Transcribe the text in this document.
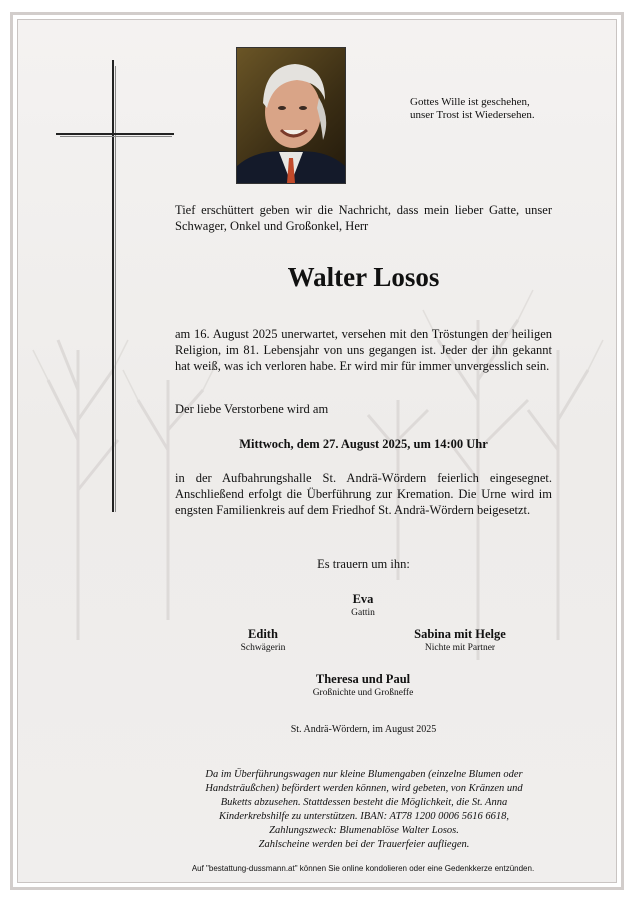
Gottes Wille ist geschehen,
unser Trost ist Wiedersehen.
Tief erschüttert geben wir die Nachricht, dass mein lieber Gatte, unser Schwager, Onkel und Großonkel, Herr
Walter Losos
am 16. August 2025 unerwartet, versehen mit den Tröstungen der heiligen Religion, im 81. Lebensjahr von uns gegangen ist. Jeder der ihn gekannt hat weiß, was ich verloren habe. Er wird mir für immer unvergesslich sein.
Der liebe Verstorbene wird am
Mittwoch, dem 27. August 2025, um 14:00 Uhr
in der Aufbahrungshalle St. Andrä-Wördern feierlich eingesegnet. Anschließend erfolgt die Überführung zur Kremation. Die Urne wird im engsten Familienkreis auf dem Friedhof St. Andrä-Wördern beigesetzt.
Es trauern um ihn:
Eva
Gattin
Edith
Schwägerin
Sabina mit Helge
Nichte mit Partner
Theresa und Paul
Großnichte und Großneffe
St. Andrä-Wördern, im August 2025
Da im Überführungswagen nur kleine Blumengaben (einzelne Blumen oder
Handsträußchen) befördert werden können, wird gebeten, von Kränzen und
Buketts abzusehen. Stattdessen besteht die Möglichkeit, die St. Anna
Kinderkrebshilfe zu unterstützen. IBAN: AT78 1200 0006 5616 6618,
Zahlungszweck: Blumenablöse Walter Losos.
Zahlscheine werden bei der Trauerfeier aufliegen.
Auf "bestattung-dussmann.at" können Sie online kondolieren oder eine Gedenkkerze entzünden.
